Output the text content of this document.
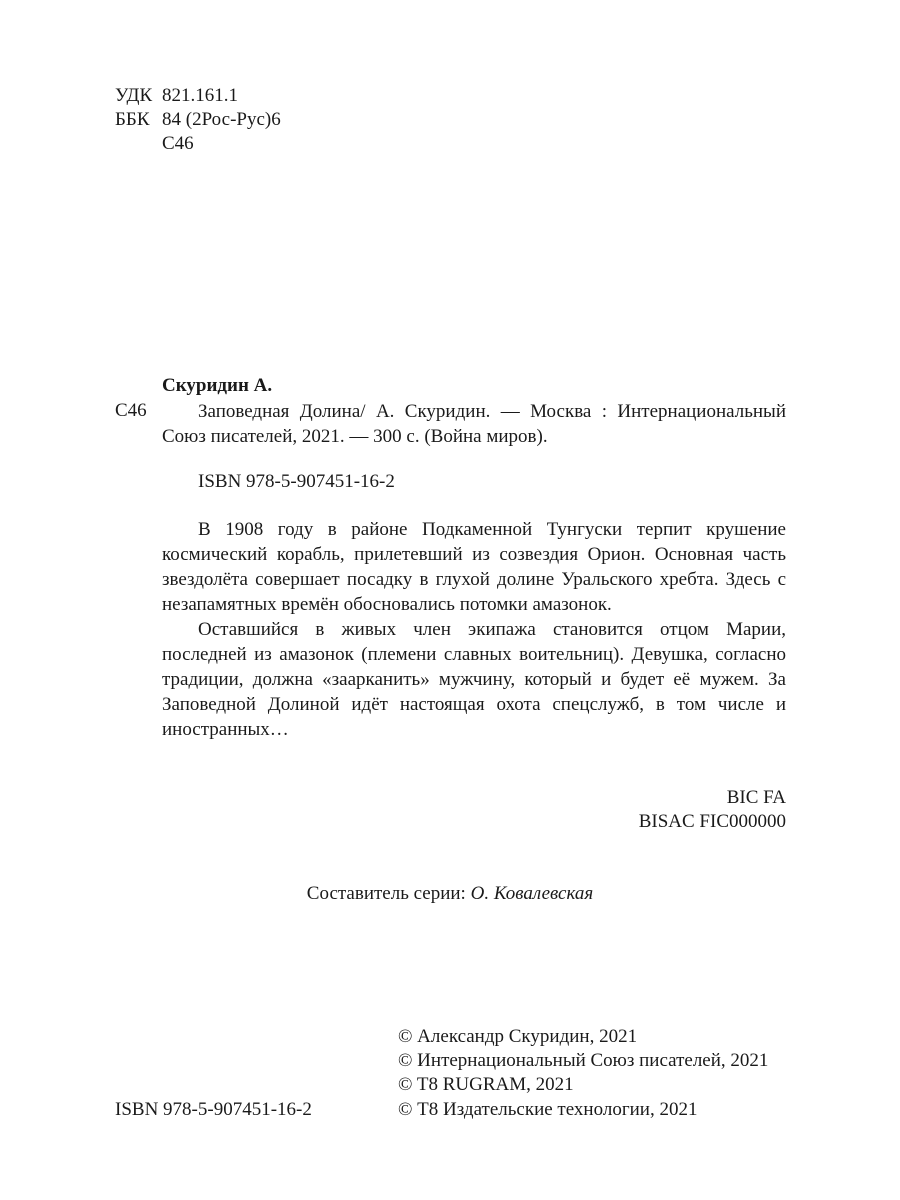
УДК 821.161.1
ББК 84 (2Рос-Рус)6
С46
Скуридин А.
С46	Заповедная Долина/ А. Скуридин. — Москва : Интернациональный Союз писателей, 2021. — 300 с. (Война миров).
ISBN 978-5-907451-16-2
В 1908 году в районе Подкаменной Тунгуски терпит крушение космический корабль, прилетевший из созвездия Орион. Основная часть звездолёта совершает посадку в глухой долине Уральского хребта. Здесь с незапамятных времён обосновались потомки амазонок.
Оставшийся в живых член экипажа становится отцом Марии, последней из амазонок (племени славных воительниц). Девушка, согласно традиции, должна «заарканить» мужчину, который и будет её мужем. За Заповедной Долиной идёт настоящая охота спецслужб, в том числе и иностранных…
BIC FA
BISAC FIC000000
Составитель серии: О. Ковалевская
© Александр Скуридин, 2021
© Интернациональный Союз писателей, 2021
© T8 RUGRAM, 2021
© Т8 Издательские технологии, 2021
ISBN 978-5-907451-16-2
